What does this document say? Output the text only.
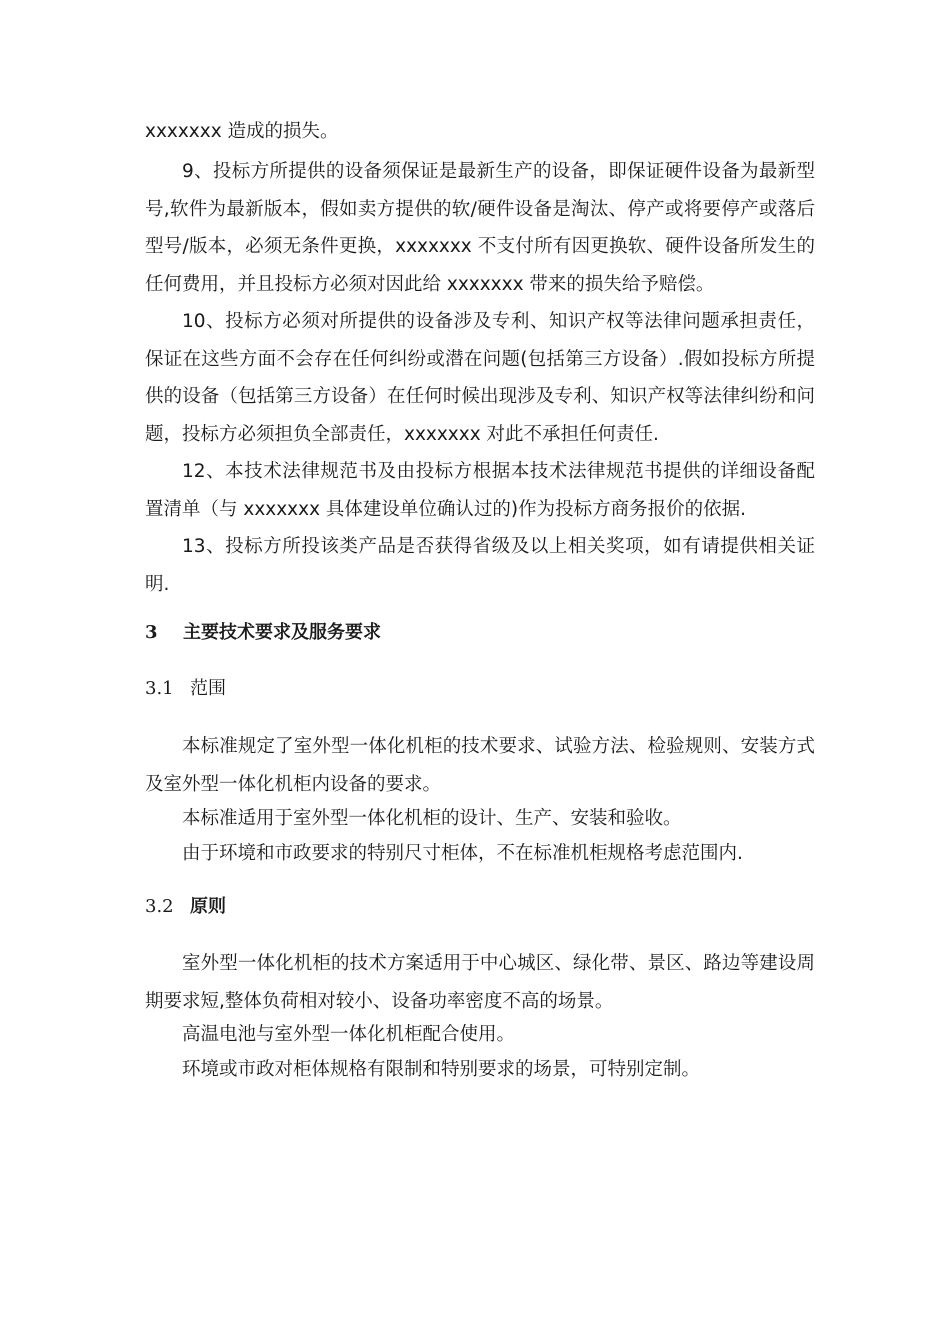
xxxxxxx 造成的损失。

9、投标方所提供的设备须保证是最新生产的设备，即保证硬件设备为最新型号,软件为最新版本，假如卖方提供的软/硬件设备是淘汰、停产或将要停产或落后型号/版本，必须无条件更换，xxxxxxx 不支付所有因更换软、硬件设备所发生的任何费用，并且投标方必须对因此给 xxxxxxx 带来的损失给予赔偿。

10、投标方必须对所提供的设备涉及专利、知识产权等法律问题承担责任，保证在这些方面不会存在任何纠纷或潜在问题(包括第三方设备）.假如投标方所提供的设备（包括第三方设备）在任何时候出现涉及专利、知识产权等法律纠纷和问题，投标方必须担负全部责任，xxxxxxx 对此不承担任何责任.

12、本技术法律规范书及由投标方根据本技术法律规范书提供的详细设备配置清单（与 xxxxxxx 具体建设单位确认过的)作为投标方商务报价的依据.

13、投标方所投该类产品是否获得省级及以上相关奖项，如有请提供相关证明.

3 主要技术要求及服务要求
3.1 范围

本标准规定了室外型一体化机柜的技术要求、试验方法、检验规则、安装方式及室外型一体化机柜内设备的要求。

本标准适用于室外型一体化机柜的设计、生产、安装和验收。

由于环境和市政要求的特别尺寸柜体，不在标准机柜规格考虑范围内.

3.2 原则

室外型一体化机柜的技术方案适用于中心城区、绿化带、景区、路边等建设周期要求短,整体负荷相对较小、设备功率密度不高的场景。

高温电池与室外型一体化机柜配合使用。

环境或市政对柜体规格有限制和特别要求的场景，可特别定制。
